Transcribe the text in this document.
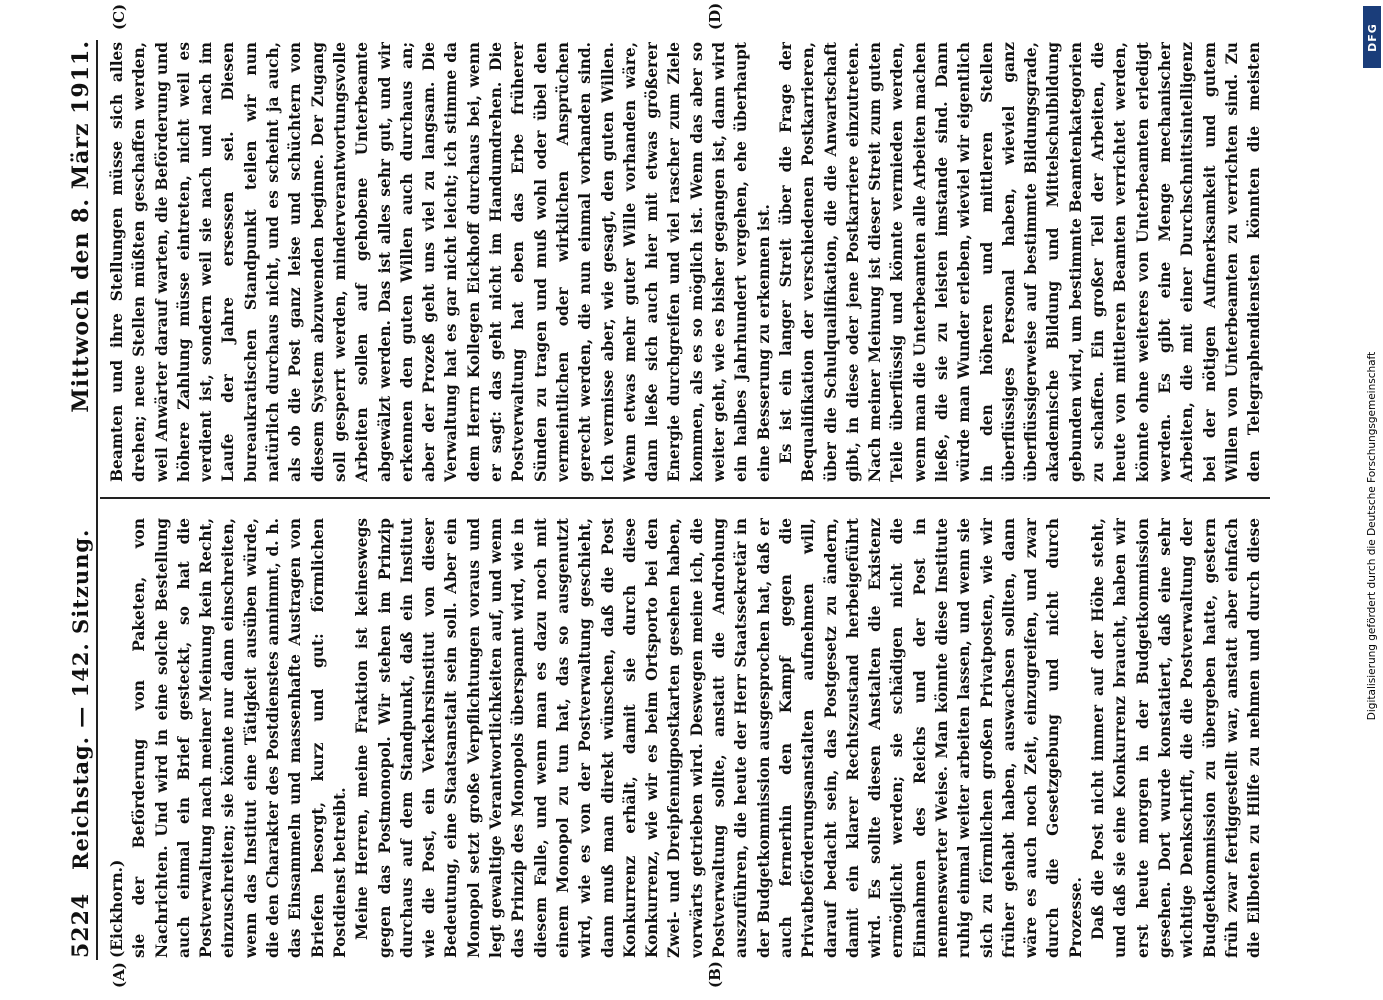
5224
Reichstag. — 142. Sitzung.
Mittwoch den 8. März 1911.
(A)	(B)
(C)	(D)

(Eickhorn.) sie der Beförderung von Paketen, von Nachrichten. Und wird in eine solche Bestellung auch einmal ein Brief gesteckt, so hat die Postverwaltung nach meiner Meinung kein Recht, einzuschreiten; sie könnte nur dann einschreiten, wenn das Institut eine Tätigkeit ausüben würde, die den Charakter des Postdienstes annimmt, d. h. das Einsammeln und massenhafte Austragen von Briefen besorgt, kurz und gut: förmlichen Postdienst betreibt. Meine Herren, meine Fraktion ist keineswegs gegen das Postmonopol. Wir stehen im Prinzip durchaus auf dem Standpunkt, daß ein Institut wie die Post, ein Verkehrsinstitut von dieser Bedeutung, eine Staatsanstalt sein soll. Aber ein Monopol setzt große Verpflichtungen voraus und legt gewaltige Verantwortlichkeiten auf, und wenn das Prinzip des Monopols überspannt wird, wie in diesem Falle, und wenn man es dazu noch mit einem Monopol zu tun hat, das so ausgenutzt wird, wie es von der Postverwaltung geschieht, dann muß man direkt wünschen, daß die Post Konkurrenz erhält, damit sie durch diese Konkurrenz, wie wir es beim Ortsporto bei den Zwei- und Dreipfennigpostkarten gesehen haben, vorwärts getrieben wird. Deswegen meine ich, die Postverwaltung sollte, anstatt die Androhung auszuführen, die heute der Herr Staatssekretär in der Budgetkommission ausgesprochen hat, daß er auch fernerhin den Kampf gegen die Privatbeförderungsanstalten aufnehmen will, darauf bedacht sein, das Postgesetz zu ändern, damit ein klarer Rechtszustand herbeigeführt wird. Es sollte diesen Anstalten die Existenz ermöglicht werden; sie schädigen nicht die Einnahmen des Reichs und der Post in nennenswerter Weise. Man könnte diese Institute ruhig einmal weiter arbeiten lassen, und wenn sie sich zu förmlichen großen Privatposten, wie wir früher gehabt haben, auswachsen sollten, dann wäre es auch noch Zeit, einzugreifen, und zwar durch die Gesetzgebung und nicht durch Prozesse. Daß die Post nicht immer auf der Höhe steht, und daß sie eine Konkurrenz braucht, haben wir erst heute morgen in der Budgetkommission gesehen. Dort wurde konstatiert, daß eine sehr wichtige Denkschrift, die die Postverwaltung der Budgetkommission zu übergeben hatte, gestern früh zwar fertiggestellt war, anstatt aber einfach die Eilboten zu Hilfe zu nehmen und durch diese

Beamten und ihre Stellungen müsse sich alles drehen; neue Stellen müßten geschaffen werden, weil Anwärter darauf warten, die Beförderung und höhere Zahlung müsse eintreten, nicht weil es verdient ist, sondern weil sie nach und nach im Laufe der Jahre ersessen sei. Diesen bureaukratischen Standpunkt teilen wir nun natürlich durchaus nicht, und es scheint ja auch, als ob die Post ganz leise und schüchtern von diesem System abzuwenden beginne. Der Zugang soll gesperrt werden, minderverantwortungsvolle Arbeiten sollen auf gehobene Unterbeamte abgewälzt werden. Das ist alles sehr gut, und wir erkennen den guten Willen auch durchaus an; aber der Prozeß geht uns viel zu langsam. Die Verwaltung hat es gar nicht leicht; ich stimme da dem Herrn Kollegen Eickhoff durchaus bei, wenn er sagt: das geht nicht im Handumdrehen. Die Postverwaltung hat eben das Erbe früherer Sünden zu tragen und muß wohl oder übel den vermeintlichen oder wirklichen Ansprüchen gerecht werden, die nun einmal vorhanden sind. Ich vermisse aber, wie gesagt, den guten Willen. Wenn etwas mehr guter Wille vorhanden wäre, dann ließe sich auch hier mit etwas größerer Energie durchgreifen und viel rascher zum Ziele kommen, als es so möglich ist. Wenn das aber so weiter geht, wie es bisher gegangen ist, dann wird ein halbes Jahrhundert vergehen, ehe überhaupt eine Besserung zu erkennen ist. Es ist ein langer Streit über die Frage der Bequalifikation der verschiedenen Postkarrieren, über die Schulqualifikation, die die Anwartschaft gibt, in diese oder jene Postkarriere einzutreten. Nach meiner Meinung ist dieser Streit zum guten Teile überflüssig und könnte vermieden werden, wenn man die Unterbeamten alle Arbeiten machen ließe, die sie zu leisten imstande sind. Dann würde man Wunder erleben, wieviel wir eigentlich in den höheren und mittleren Stellen überflüssiges Personal haben, wieviel ganz überflüssigerweise auf bestimmte Bildungsgrade, akademische Bildung und Mittelschulbildung gebunden wird, um bestimmte Beamtenkategorien zu schaffen. Ein großer Teil der Arbeiten, die heute von mittleren Beamten verrichtet werden, könnte ohne weiteres von Unterbeamten erledigt werden. Es gibt eine Menge mechanischer Arbeiten, die mit einer Durchschnittsintelligenz bei der nötigen Aufmerksamkeit und gutem Willen von Unterbeamten zu verrichten sind. Zu den Telegraphendiensten könnten die meisten

DFG
Digitalisierung gefördert durch die Deutsche Forschungsgemeinschaft
